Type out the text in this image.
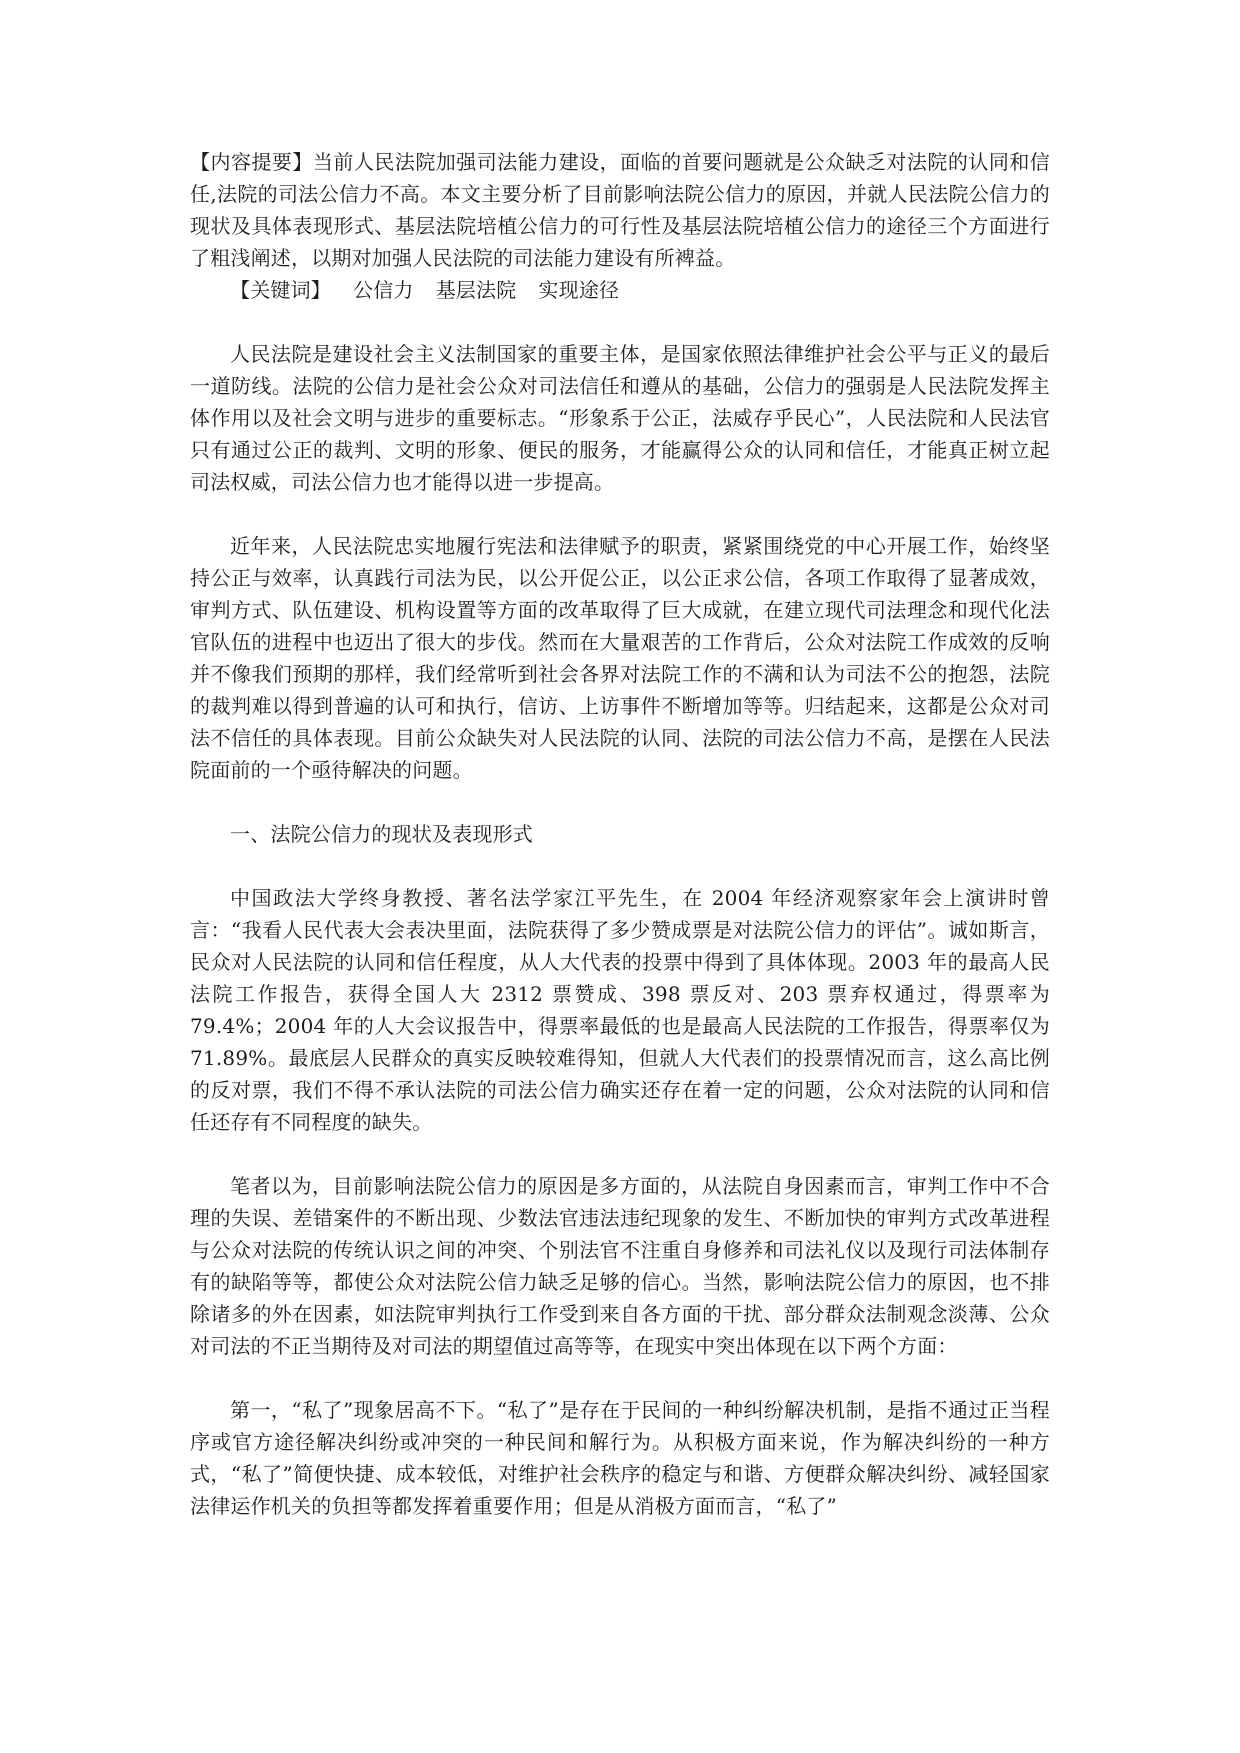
【内容提要】当前人民法院加强司法能力建设，面临的首要问题就是公众缺乏对法院的认同和信任,法院的司法公信力不高。本文主要分析了目前影响法院公信力的原因，并就人民法院公信力的现状及具体表现形式、基层法院培植公信力的可行性及基层法院培植公信力的途径三个方面进行了粗浅阐述，以期对加强人民法院的司法能力建设有所裨益。

【关键词】 公信力 基层法院 实现途径

人民法院是建设社会主义法制国家的重要主体，是国家依照法律维护社会公平与正义的最后一道防线。法院的公信力是社会公众对司法信任和遵从的基础，公信力的强弱是人民法院发挥主体作用以及社会文明与进步的重要标志。“形象系于公正，法威存乎民心”，人民法院和人民法官只有通过公正的裁判、文明的形象、便民的服务，才能赢得公众的认同和信任，才能真正树立起司法权威，司法公信力也才能得以进一步提高。

近年来，人民法院忠实地履行宪法和法律赋予的职责，紧紧围绕党的中心开展工作，始终坚持公正与效率，认真践行司法为民，以公开促公正，以公正求公信，各项工作取得了显著成效，审判方式、队伍建设、机构设置等方面的改革取得了巨大成就，在建立现代司法理念和现代化法官队伍的进程中也迈出了很大的步伐。然而在大量艰苦的工作背后，公众对法院工作成效的反响并不像我们预期的那样，我们经常听到社会各界对法院工作的不满和认为司法不公的抱怨，法院的裁判难以得到普遍的认可和执行，信访、上访事件不断增加等等。归结起来，这都是公众对司法不信任的具体表现。目前公众缺失对人民法院的认同、法院的司法公信力不高，是摆在人民法院面前的一个亟待解决的问题。

一、法院公信力的现状及表现形式

中国政法大学终身教授、著名法学家江平先生，在 2004 年经济观察家年会上演讲时曾言：“我看人民代表大会表决里面，法院获得了多少赞成票是对法院公信力的评估”。诚如斯言，民众对人民法院的认同和信任程度，从人大代表的投票中得到了具体体现。2003 年的最高人民法院工作报告，获得全国人大 2312 票赞成、398 票反对、203 票弃权通过，得票率为 79.4%；2004 年的人大会议报告中，得票率最低的也是最高人民法院的工作报告，得票率仅为 71.89%。最底层人民群众的真实反映较难得知，但就人大代表们的投票情况而言，这么高比例的反对票，我们不得不承认法院的司法公信力确实还存在着一定的问题，公众对法院的认同和信任还存有不同程度的缺失。

笔者以为，目前影响法院公信力的原因是多方面的，从法院自身因素而言，审判工作中不合理的失误、差错案件的不断出现、少数法官违法违纪现象的发生、不断加快的审判方式改革进程与公众对法院的传统认识之间的冲突、个别法官不注重自身修养和司法礼仪以及现行司法体制存有的缺陷等等，都使公众对法院公信力缺乏足够的信心。当然，影响法院公信力的原因，也不排除诸多的外在因素，如法院审判执行工作受到来自各方面的干扰、部分群众法制观念淡薄、公众对司法的不正当期待及对司法的期望值过高等等，在现实中突出体现在以下两个方面：

第一，“私了”现象居高不下。“私了”是存在于民间的一种纠纷解决机制，是指不通过正当程序或官方途径解决纠纷或冲突的一种民间和解行为。从积极方面来说，作为解决纠纷的一种方式，“私了”简便快捷、成本较低，对维护社会秩序的稳定与和谐、方便群众解决纠纷、减轻国家法律运作机关的负担等都发挥着重要作用；但是从消极方面而言，“私了”
